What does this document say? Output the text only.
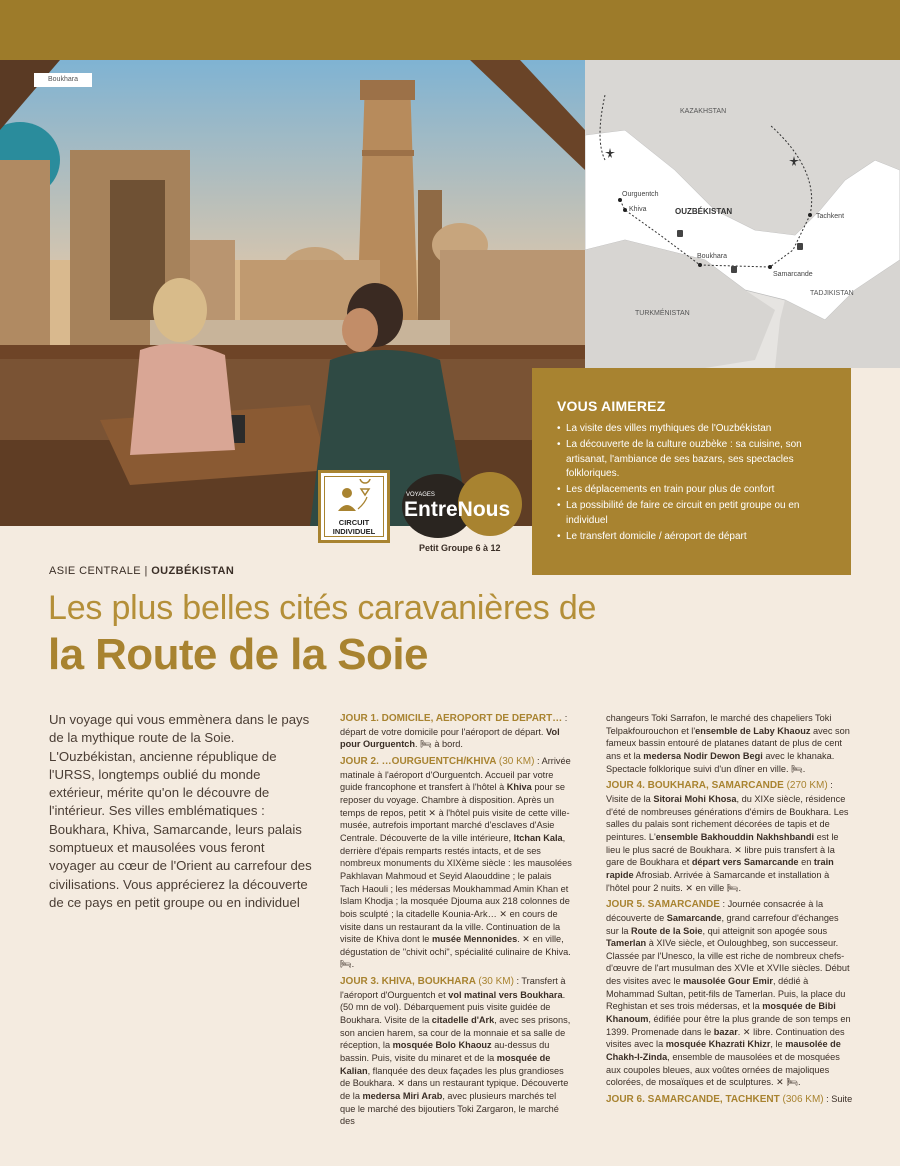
Boukhara
KAZAKHSTAN
OUZBÉKISTAN
TURKMÉNISTAN
TADJIKISTAN
Ourguentch
Khiva
Boukhara
Samarcande
Tachkent
VOUS AIMEREZ
• La visite des villes mythiques de l'Ouzbékistan
• La découverte de la culture ouzbèke : sa cuisine, son artisanat, l'ambiance de ses bazars, ses spectacles folkloriques.
• Les déplacements en train pour plus de confort
• La possibilité de faire ce circuit en petit groupe ou en individuel
• Le transfert domicile / aéroport de départ
CIRCUIT INDIVIDUEL
VOYAGES
EntreNous
Petit Groupe 6 à 12
ASIE CENTRALE | OUZBÉKISTAN
Les plus belles cités caravanières de
la Route de la Soie
Un voyage qui vous emmènera dans le pays de la mythique route de la Soie. L'Ouzbékistan, ancienne république de l'URSS, longtemps oublié du monde extérieur, mérite qu'on le découvre de l'intérieur. Ses villes emblématiques : Boukhara, Khiva, Samarcande, leurs palais somptueux et mausolées vous feront voyager au cœur de l'Orient au carrefour des civilisations. Vous apprécierez la découverte de ce pays en petit groupe ou en individuel

JOUR 1. DOMICILE, AEROPORT DE DEPART… : départ de votre domicile pour l'aéroport de départ. Vol pour Ourguentch. 🛏 à bord.

JOUR 2. …OURGUENTCH/KHIVA (30 KM) : Arrivée matinale à l'aéroport d'Ourguentch. Accueil par votre guide francophone et transfert à l'hôtel à Khiva pour se reposer du voyage. Chambre à disposition. Après un temps de repos, petit ✕ à l'hôtel puis visite de cette ville-musée, autrefois important marché d'esclaves d'Asie Centrale. Découverte de la ville intérieure, Itchan Kala, derrière d'épais remparts restés intacts, et de ses nombreux monuments du XIXème siècle : les mausolées Pakhlavan Mahmoud et Seyid Alaouddine ; le palais Tach Haouli ; les médersas Moukhammad Amin Khan et Islam Khodja ; la mosquée Djouma aux 218 colonnes de bois sculpté ; la citadelle Kounia-Ark… ✕ en cours de visite dans un restaurant da la ville. Continuation de la visite de Khiva dont le musée Mennonides. ✕ en ville, dégustation de "chivit ochi", spécialité culinaire de Khiva. 🛏.

JOUR 3. KHIVA, BOUKHARA (30 KM) : Transfert à l'aéroport d'Ourguentch et vol matinal vers Boukhara. (50 mn de vol). Débarquement puis visite guidée de Boukhara. Visite de la citadelle d'Ark, avec ses prisons, son ancien harem, sa cour de la monnaie et sa salle de réception, la mosquée Bolo Khaouz au-dessus du bassin. Puis, visite du minaret et de la mosquée de Kalian, flanquée des deux façades les plus grandioses de Boukhara. ✕ dans un restaurant typique. Découverte de la medersa Miri Arab, avec plusieurs marchés tel que le marché des bijoutiers Toki Zargaron, le marché des

changeurs Toki Sarrafon, le marché des chapeliers Toki Telpakfourouchon et l'ensemble de Laby Khaouz avec son fameux bassin entouré de platanes datant de plus de cent ans et la medersa Nodir Dewon Begi avec le khanaka. Spectacle folklorique suivi d'un dîner en ville. 🛏.

JOUR 4. BOUKHARA, SAMARCANDE (270 KM) : Visite de la Sitorai Mohi Khosa, du XIXe siècle, résidence d'été de nombreuses générations d'émirs de Boukhara. Les salles du palais sont richement décorées de tapis et de peintures. L'ensemble Bakhouddin Nakhshbandi est le lieu le plus sacré de Boukhara. ✕ libre puis transfert à la gare de Boukhara et départ vers Samarcande en train rapide Afrosiab. Arrivée à Samarcande et installation à l'hôtel pour 2 nuits. ✕ en ville 🛏.

JOUR 5. SAMARCANDE : Journée consacrée à la découverte de Samarcande, grand carrefour d'échanges sur la Route de la Soie, qui atteignit son apogée sous Tamerlan à XIVe siècle, et Ouloughbeg, son successeur. Classée par l'Unesco, la ville est riche de nombreux chefs-d'œuvre de l'art musulman des XVIe et XVIIe siècles. Début des visites avec le mausolée Gour Emir, dédié à Mohammad Sultan, petit-fils de Tamerlan. Puis, la place du Reghistan et ses trois médersas, et la mosquée de Bibi Khanoum, édifiée pour être la plus grande de son temps en 1399. Promenade dans le bazar. ✕ libre. Continuation des visites avec la mosquée Khazrati Khizr, le mausolée de Chakh-I-Zinda, ensemble de mausolées et de mosquées aux coupoles bleues, aux voûtes ornées de majoliques colorées, de mosaïques et de sculptures. ✕ 🛏.

JOUR 6. SAMARCANDE, TACHKENT (306 KM) : Suite
